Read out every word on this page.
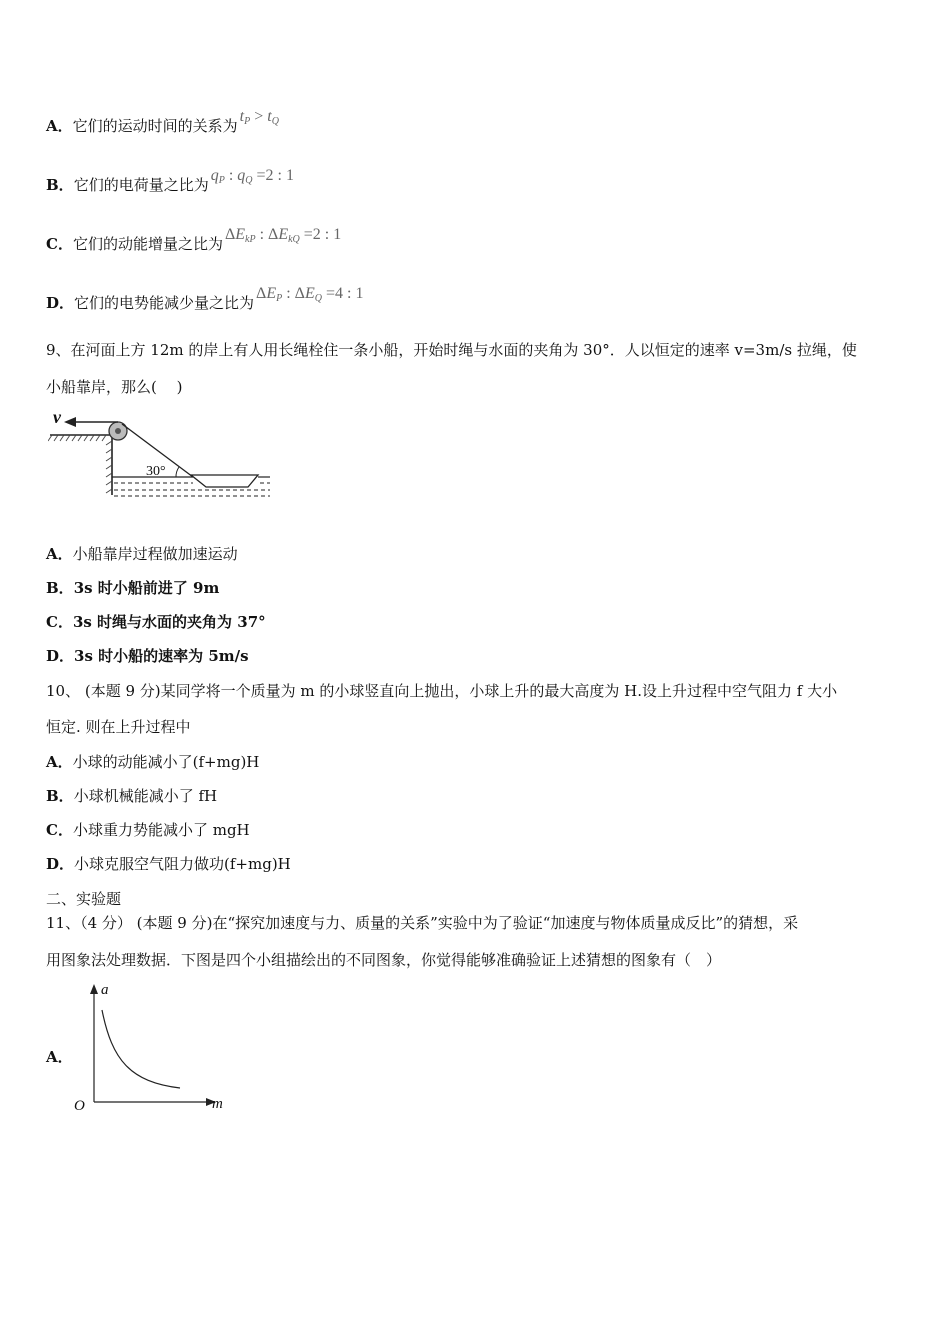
A．它们的运动时间的关系为$t_P > t_Q$
B．它们的电荷量之比为$q_P$ : $q_Q =2$ : 1
C．它们的动能增量之比为$\Delta E_{kP}$ : $\Delta E_{kQ} =2$ : 1
D．它们的电势能减少量之比为$\Delta E_P$ : $\Delta E_Q =4$ : 1
9、在河面上方 12m 的岸上有人用长绳栓住一条小船，开始时绳与水面的夹角为 30°．人以恒定的速率 v=3m/s 拉绳，使
小船靠岸，那么(　 )
v
30°
A．小船靠岸过程做加速运动
B．3s 时小船前进了 9m
C．3s 时绳与水面的夹角为 37°
D．3s 时小船的速率为 5m/s
10、 (本题 9 分)某同学将一个质量为 m 的小球竖直向上抛出，小球上升的最大高度为 H.设上升过程中空气阻力 f 大小
恒定. 则在上升过程中
A．小球的动能减小了(f+mg)H
B．小球机械能减小了 fH
C．小球重力势能减小了 mgH
D．小球克服空气阻力做功(f+mg)H
二、实验题
11、（4 分） (本题 9 分)在“探究加速度与力、质量的关系”实验中为了验证“加速度与物体质量成反比”的猜想，采
用图象法处理数据．下图是四个小组描绘出的不同图象，你觉得能够准确验证上述猜想的图象有（　）
A．
a
m
O
